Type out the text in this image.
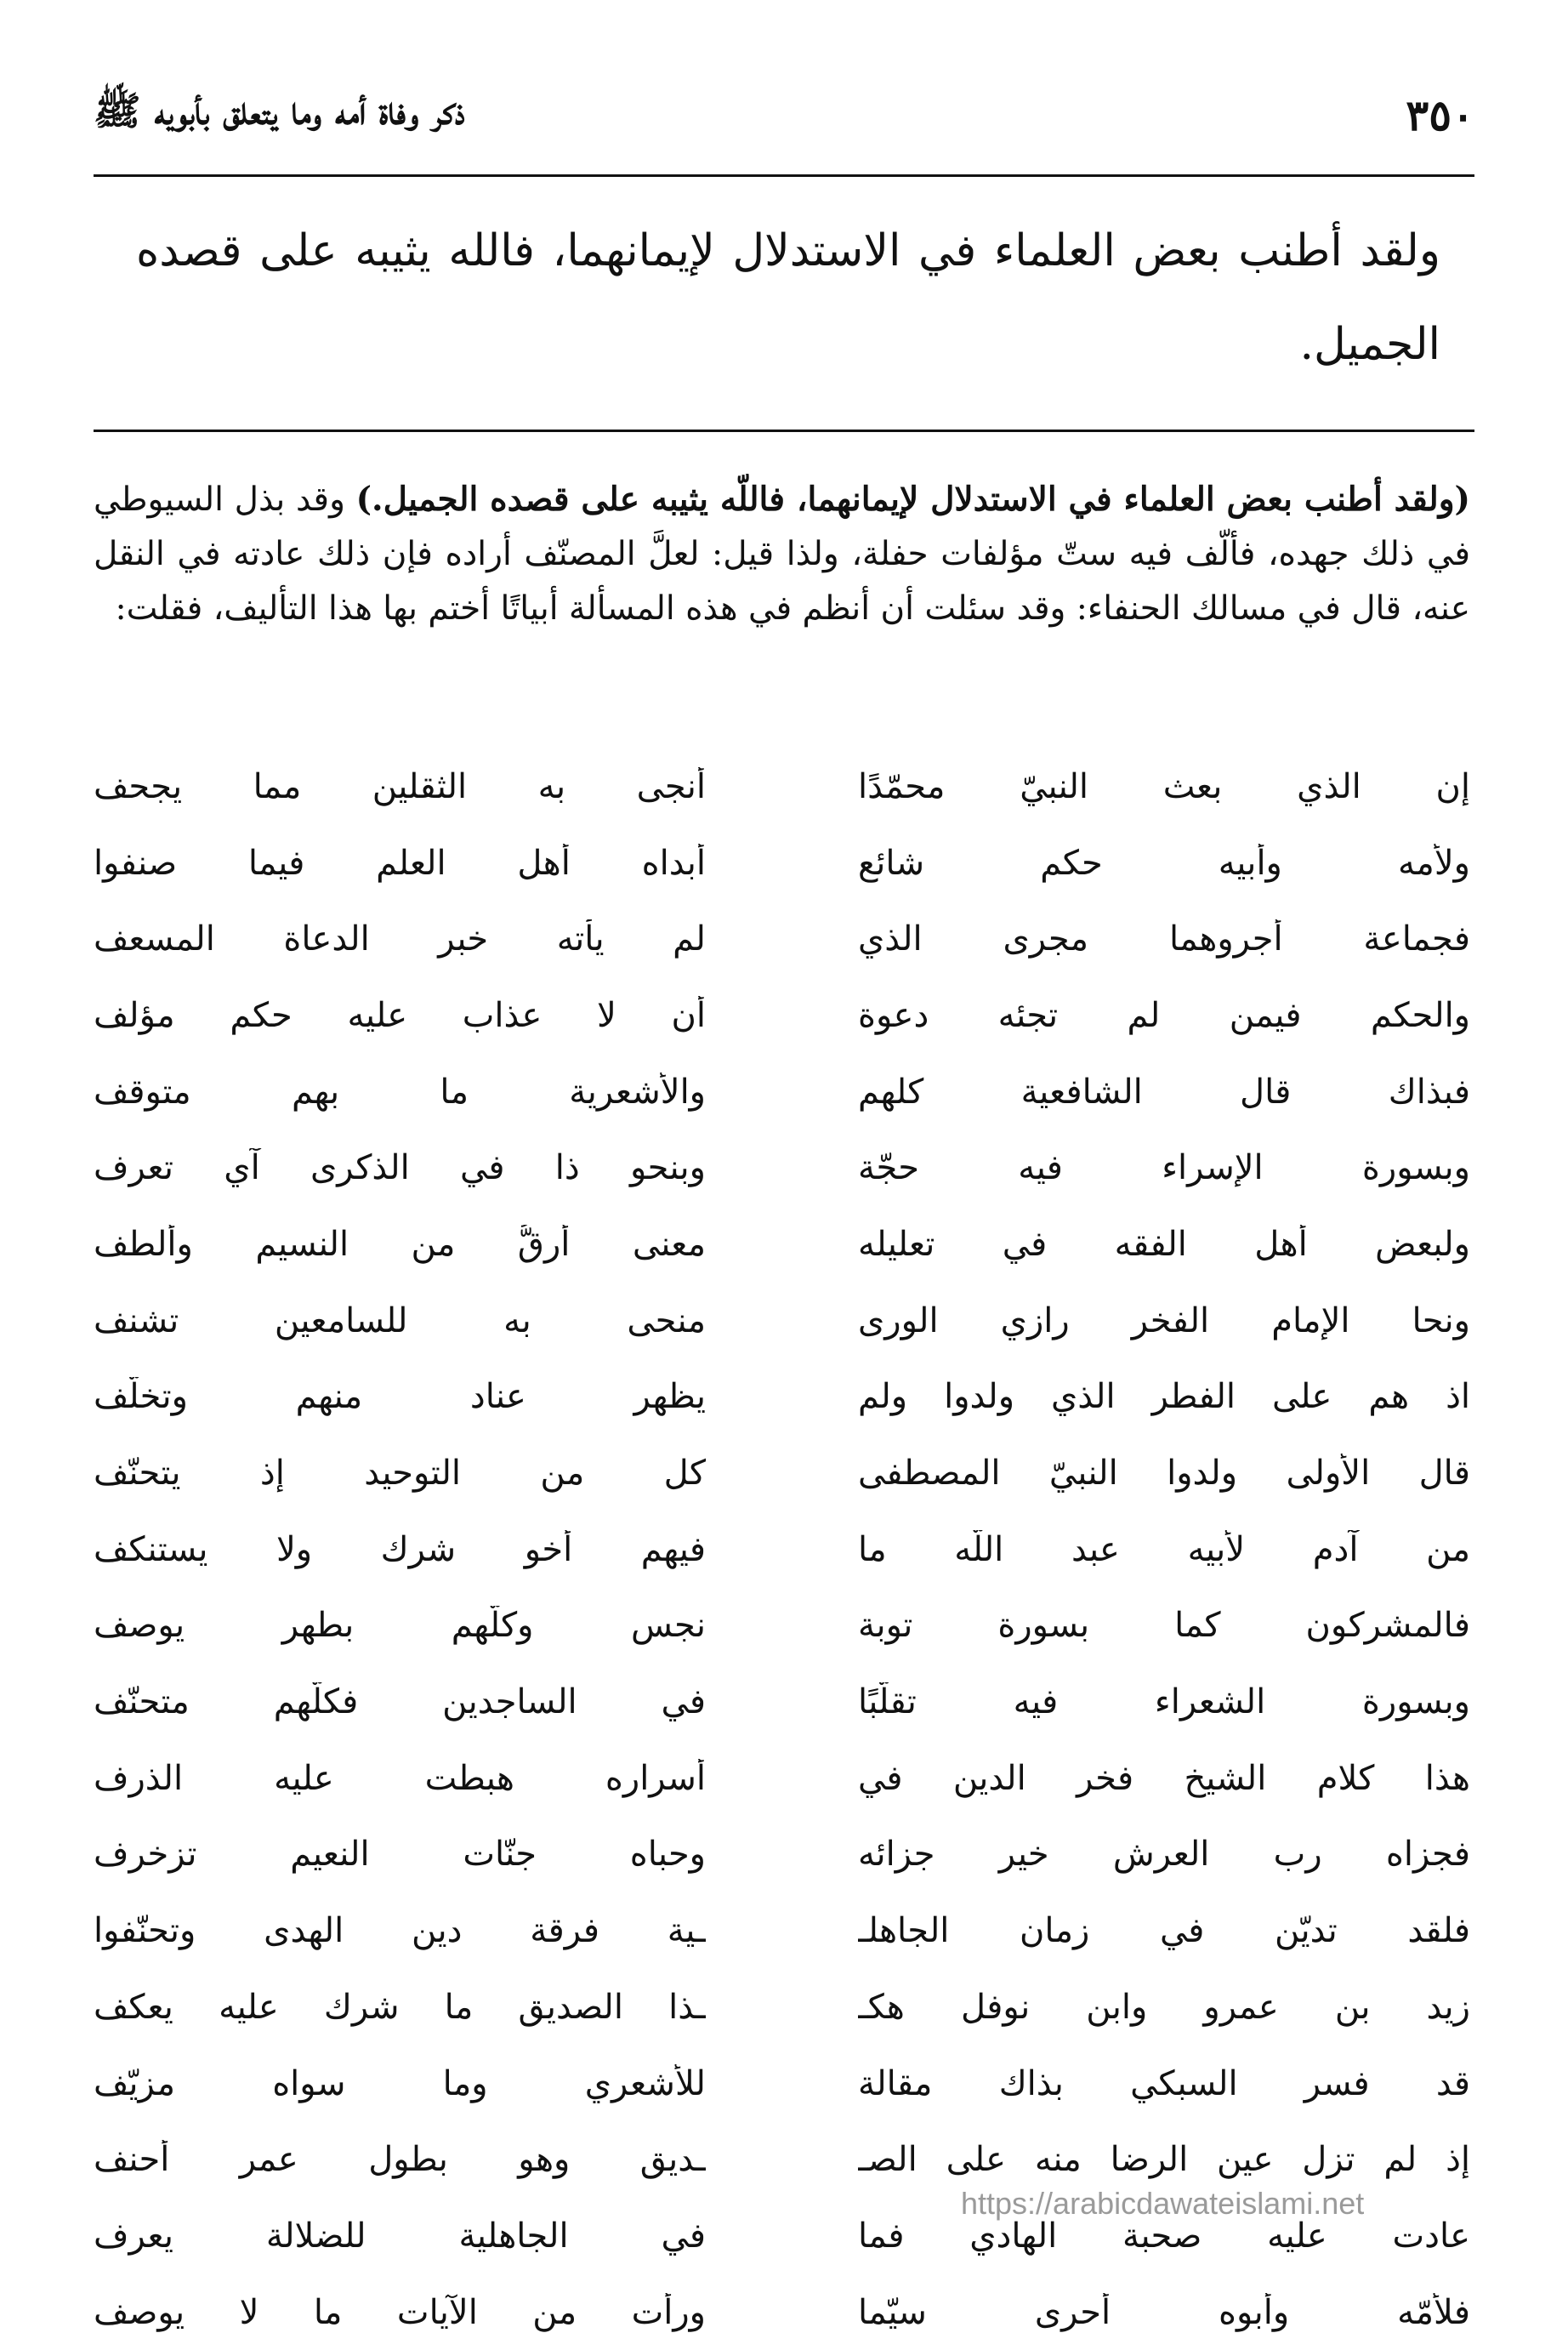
٣٥٠
ذكر وفاة أمه وما يتعلق بأبويه ﷺ
ولقد أطنب بعض العلماء في الاستدلال لإيمانهما، فالله يثيبه على قصده الجميل.
(ولقد أطنب بعض العلماء في الاستدلال لإيمانهما، فاللّه يثيبه على قصده الجميل.) وقد بذل السيوطي في ذلك جهده، فألّف فيه ستّ مؤلفات حفلة، ولذا قيل: لعلَّ المصنّف أراده فإن ذلك عادته في النقل عنه، قال في مسالك الحنفاء: وقد سئلت أن أنظم في هذه المسألة أبياتًا أختم بها هذا التأليف، فقلت:
إن الذي بعث النبيّ محمّدًا
أنجى به الثقلين مما يجحف
ولأُمه وأبيه حكم شائع
أبداه أهل العلم فيما صنفوا
فجماعة أجروهما مجرى الذي
لم يأته خبر الدعاة المسعف
والحكم فيمن لم تجئه دعوة
أن لا عذاب عليه حكم مؤلف
فبذاك قال الشافعية كلهم
والأشعرية ما بهم متوقف
وبسورة الإسراء فيه حجّة
وبنحو ذا في الذكرى آي تعرف
ولبعض أهل الفقه في تعليله
معنى أرقُّ من النسيم وألطف
ونحا الإمام الفخر رازي الورى
منحى به للسامعين تشنف
اذ هم على الفطر الذي ولدوا ولم
يظهر عناد منهم وتخلّف
قال الأولى ولدوا النبيّ المصطفى
كل من التوحيد إذ يتحنّف
من آدم لأبيه عبد اللّه ما
فيهم أخو شرك ولا يستنكف
فالمشركون كما بسورة توبة
نجس وكلّهم بطهر يوصف
وبسورة الشعراء فيه تقلّبًا
في الساجدين فكلّهم متحنّف
هذا كلام الشيخ فخر الدين في
أسراره هبطت عليه الذرف
فجزاه رب العرش خير جزائه
وحباه جنّات النعيم تزخرف
فلقد تديّن في زمان الجاهلـ
ـية فرقة دين الهدى وتحنّفوا
زيد بن عمرو وابن نوفل هكـ
ـذا الصديق ما شرك عليه يعكف
قد فسر السبكي بذاك مقالة
للأشعري وما سواه مزيّف
إذ لم تزل عين الرضا منه على الصـ
ـديق وهو بطول عمر أحنف
عادت عليه صحبة الهادي فما
في الجاهلية للضلالة يعرف
فلأمّه وأبوه أحرى سيّما
ورأت من الآيات ما لا يوصف
https://arabicdawateislami.net
